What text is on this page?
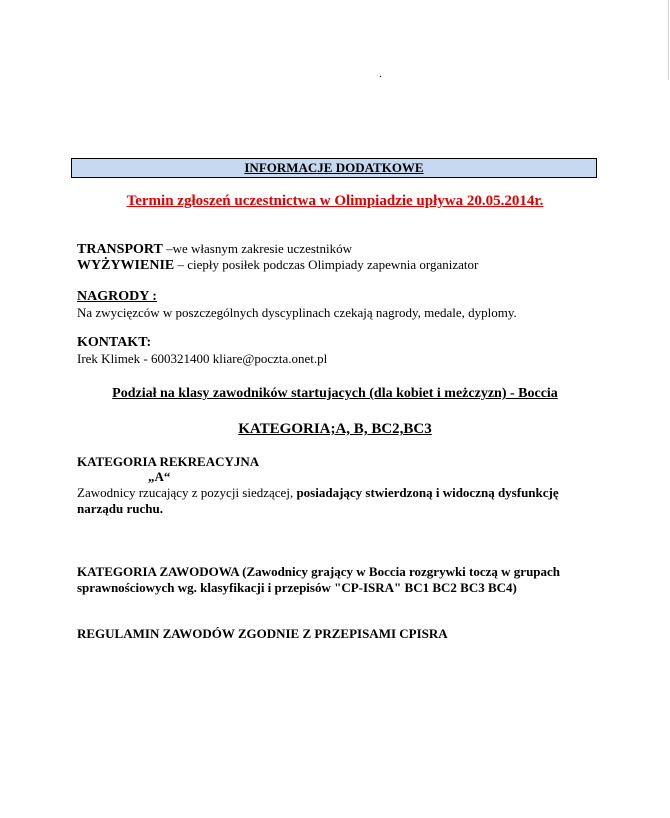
.
INFORMACJE DODATKOWE
Termin zgłoszeń uczestnictwa w Olimpiadzie upływa 20.05.2014r.
TRANSPORT –we własnym zakresie uczestników
WYŻYWIENIE – ciepły posiłek podczas Olimpiady zapewnia organizator
NAGRODY :
Na zwycięzców w poszczególnych dyscyplinach czekają nagrody, medale, dyplomy.
KONTAKT:
Irek Klimek - 600321400 kliare@poczta.onet.pl
Podział na klasy zawodników startujacych (dla kobiet i meżczyzn) - Boccia
KATEGORIA;A, B, BC2,BC3
KATEGORIA REKREACYJNA
„A“
Zawodnicy rzucający z pozycji siedzącej, posiadający stwierdzoną i widoczną dysfunkcję
narządu ruchu.
KATEGORIA ZAWODOWA (Zawodnicy grający w Boccia rozgrywki toczą w grupach
sprawnościowych wg. klasyfikacji i przepisów "CP-ISRA" BC1 BC2 BC3 BC4)
REGULAMIN ZAWODÓW ZGODNIE Z PRZEPISAMI CPISRA
